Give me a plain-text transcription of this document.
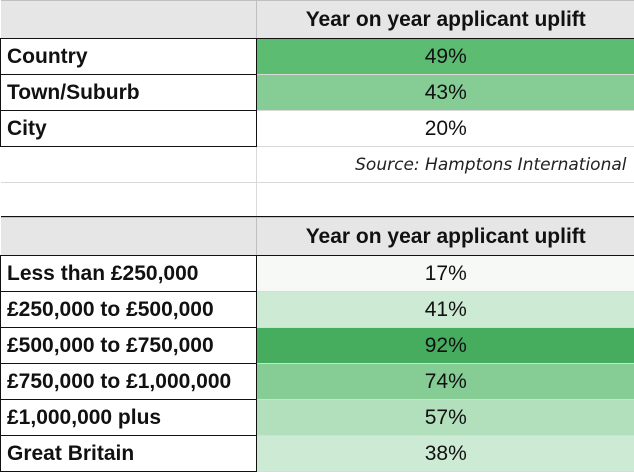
	Year on year applicant uplift
Country	49%
Town/Suburb	43%
City	20%
	Source: Hamptons International

	Year on year applicant uplift
Less than £250,000	17%
£250,000 to £500,000	41%
£500,000 to £750,000	92%
£750,000 to £1,000,000	74%
£1,000,000 plus	57%
Great Britain	38%
